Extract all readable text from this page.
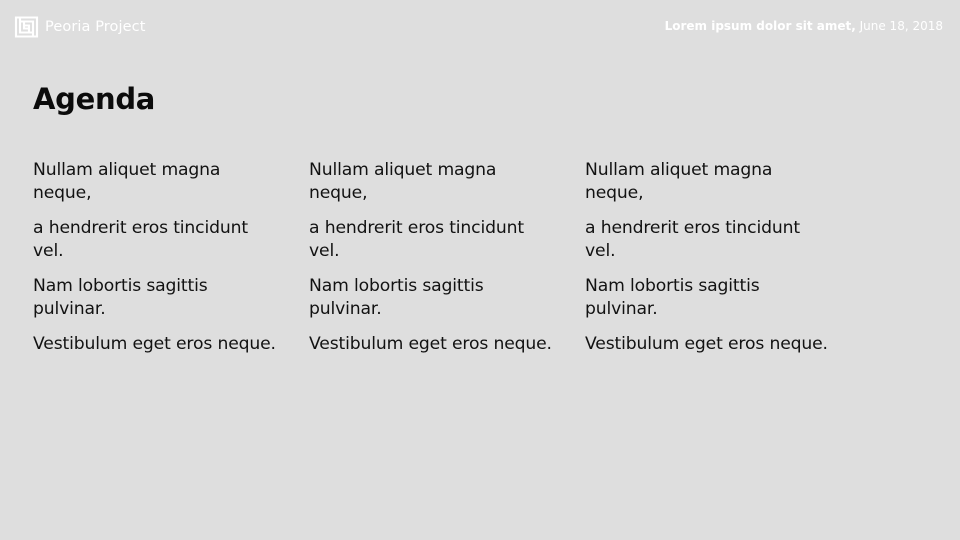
Peoria Project	Lorem ipsum dolor sit amet, June 18, 2018
Agenda

Nullam aliquet magna neque,

a hendrerit eros tincidunt vel.

Nam lobortis sagittis pulvinar.

Vestibulum eget eros neque.

Nullam aliquet magna neque,

a hendrerit eros tincidunt vel.

Nam lobortis sagittis pulvinar.

Vestibulum eget eros neque.

Nullam aliquet magna neque,

a hendrerit eros tincidunt vel.

Nam lobortis sagittis pulvinar.

Vestibulum eget eros neque.
